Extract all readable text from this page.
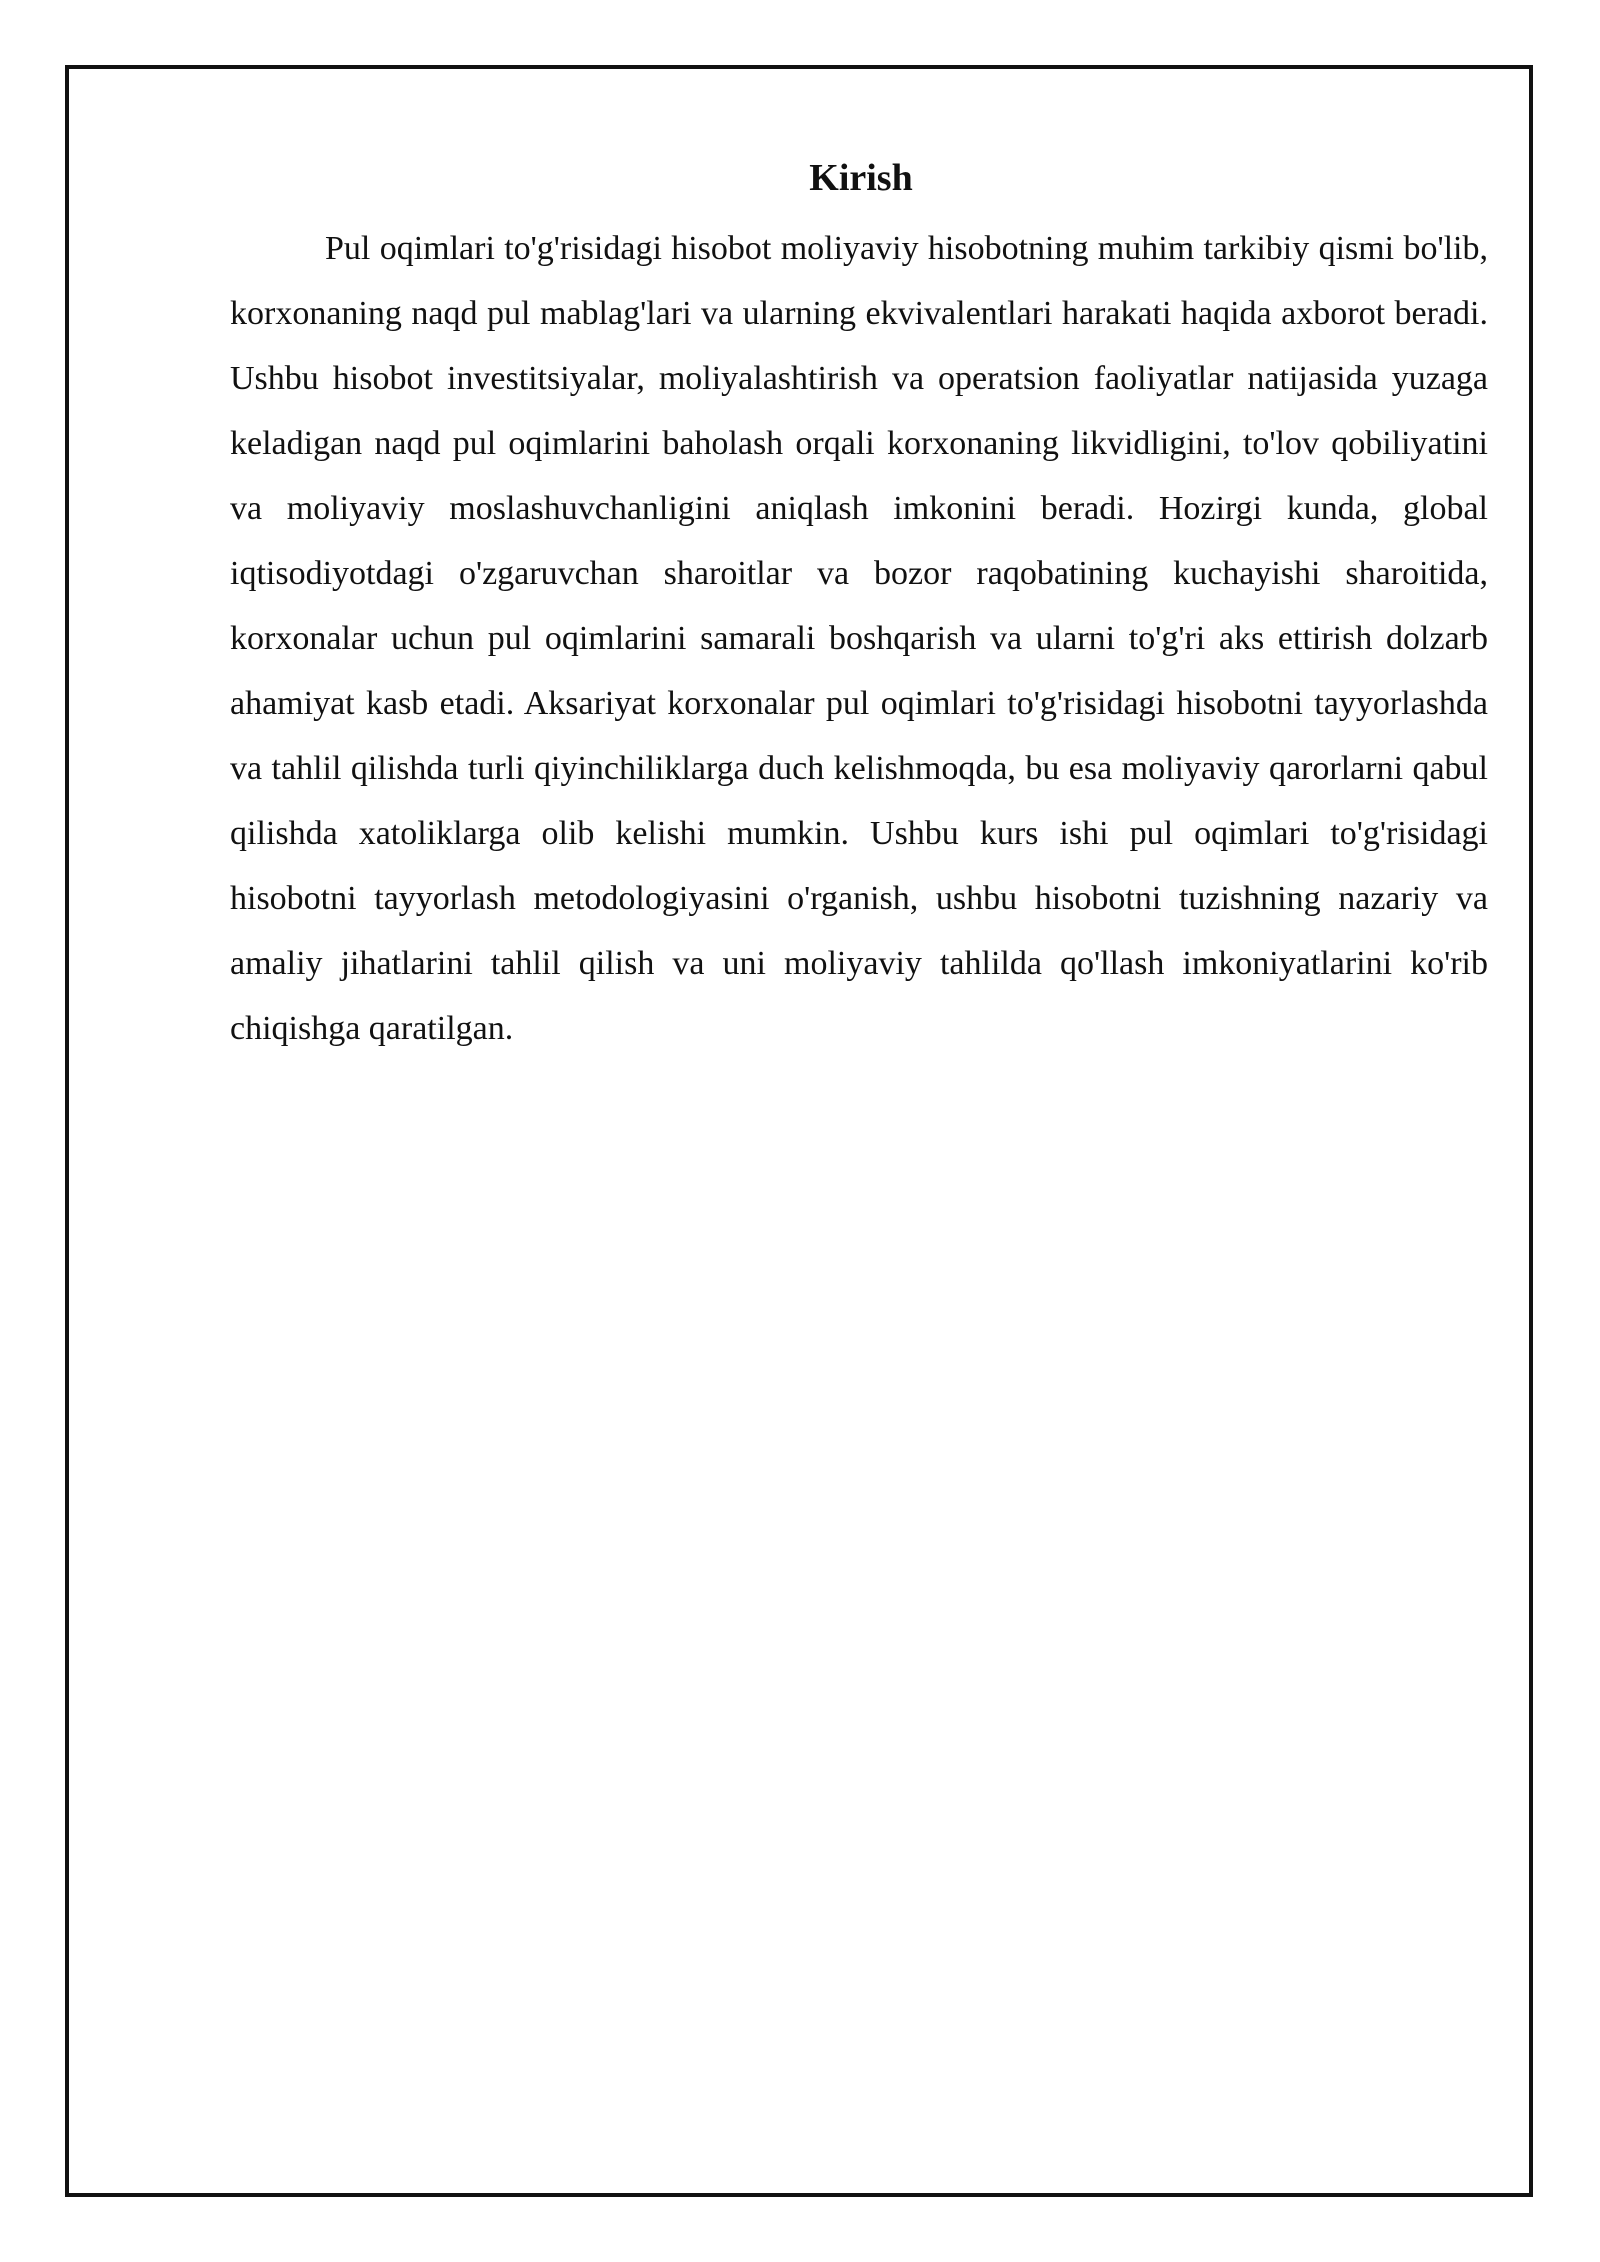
Kirish

Pul oqimlari to'g'risidagi hisobot moliyaviy hisobotning muhim tarkibiy qismi bo'lib, korxonaning naqd pul mablag'lari va ularning ekvivalentlari harakati haqida axborot beradi. Ushbu hisobot investitsiyalar, moliyalashtirish va operatsion faoliyatlar natijasida yuzaga keladigan naqd pul oqimlarini baholash orqali korxonaning likvidligini, to'lov qobiliyatini va moliyaviy moslashuvchanligini aniqlash imkonini beradi. Hozirgi kunda, global iqtisodiyotdagi o'zgaruvchan sharoitlar va bozor raqobatining kuchayishi sharoitida, korxonalar uchun pul oqimlarini samarali boshqarish va ularni to'g'ri aks ettirish dolzarb ahamiyat kasb etadi. Aksariyat korxonalar pul oqimlari to'g'risidagi hisobotni tayyorlashda va tahlil qilishda turli qiyinchiliklarga duch kelishmoqda, bu esa moliyaviy qarorlarni qabul qilishda xatoliklarga olib kelishi mumkin. Ushbu kurs ishi pul oqimlari to'g'risidagi hisobotni tayyorlash metodologiyasini o'rganish, ushbu hisobotni tuzishning nazariy va amaliy jihatlarini tahlil qilish va uni moliyaviy tahlilda qo'llash imkoniyatlarini ko'rib chiqishga qaratilgan.
